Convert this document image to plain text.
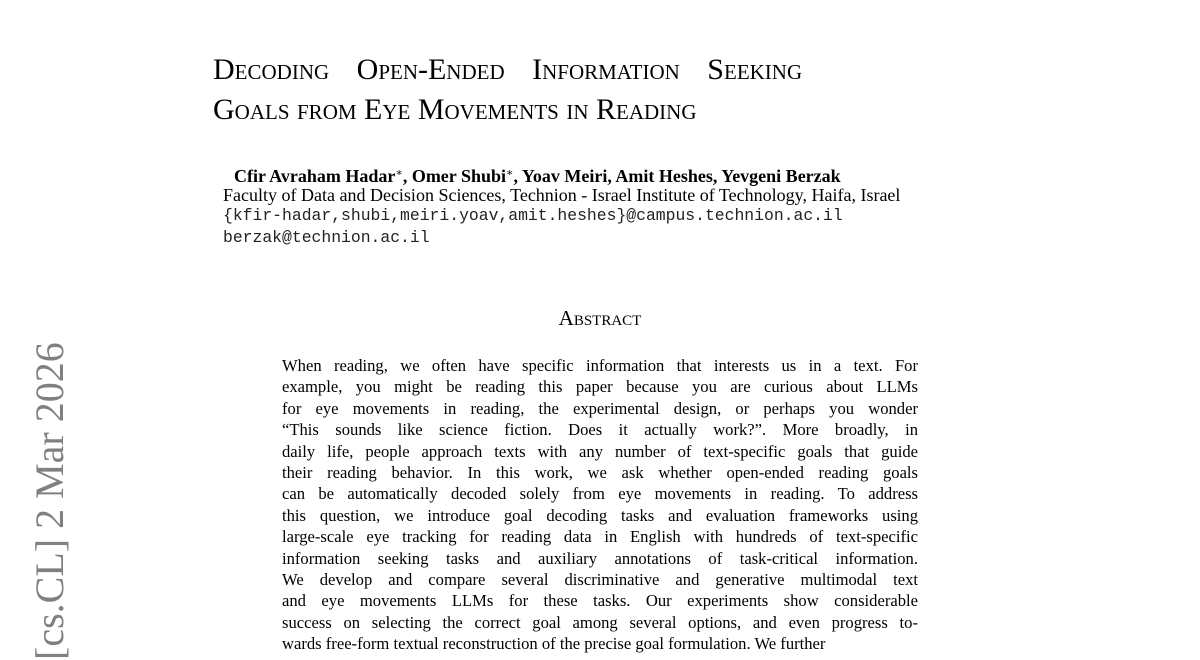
Decoding Open-Ended Information Seeking
Goals from Eye Movements in Reading

Cfir Avraham Hadar∗, Omer Shubi∗, Yoav Meiri, Amit Heshes, Yevgeni Berzak

Faculty of Data and Decision Sciences, Technion - Israel Institute of Technology, Haifa, Israel
{kfir-hadar,shubi,meiri.yoav,amit.heshes}@campus.technion.ac.il
berzak@technion.ac.il
Abstract
When reading, we often have specific information that interests us in a text. For
example, you might be reading this paper because you are curious about LLMs
for eye movements in reading, the experimental design, or perhaps you wonder
“This sounds like science fiction. Does it actually work?”. More broadly, in
daily life, people approach texts with any number of text-specific goals that guide
their reading behavior. In this work, we ask whether open-ended reading goals
can be automatically decoded solely from eye movements in reading. To address
this question, we introduce goal decoding tasks and evaluation frameworks using
large-scale eye tracking for reading data in English with hundreds of text-specific
information seeking tasks and auxiliary annotations of task-critical information.
We develop and compare several discriminative and generative multimodal text
and eye movements LLMs for these tasks. Our experiments show considerable
success on selecting the correct goal among several options, and even progress to-
wards free-form textual reconstruction of the precise goal formulation. We further
[cs.CL] 2 Mar 2026
